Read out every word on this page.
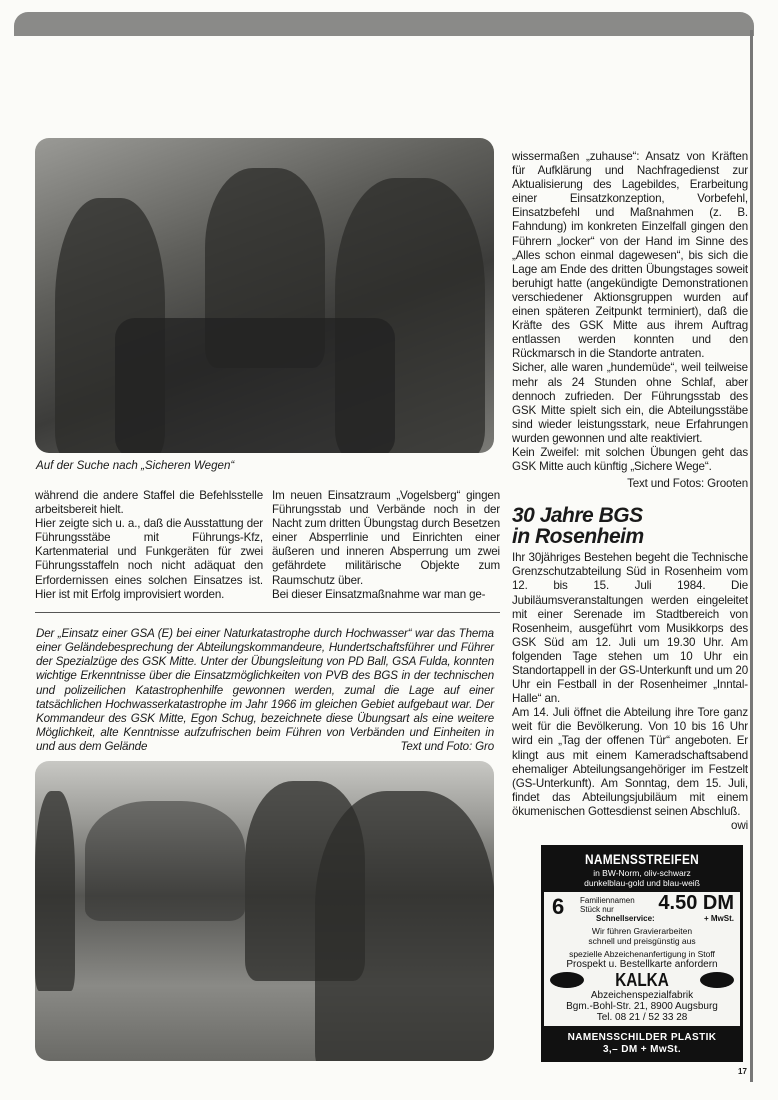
Auf der Suche nach „Sicheren Wegen“

während die andere Staffel die Befehlsstelle arbeitsbereit hielt.

Hier zeigte sich u. a., daß die Ausstattung der Führungsstäbe mit Führungs-Kfz, Kartenmaterial und Funkgeräten für zwei Führungsstaffeln noch nicht adäquat den Erfordernissen eines solchen Einsatzes ist. Hier ist mit Erfolg improvisiert worden.

Im neuen Einsatzraum „Vogelsberg“ gingen Führungsstab und Verbände noch in der Nacht zum dritten Übungstag durch Besetzen einer Absperrlinie und Einrichten einer äußeren und inneren Absperrung um zwei gefährdete militärische Objekte zum Raumschutz über.

Bei dieser Einsatzmaßnahme war man ge-

Der „Einsatz einer GSA (E) bei einer Naturkatastrophe durch Hochwasser“ war das Thema einer Geländebesprechung der Abteilungskommandeure, Hundertschaftsführer und Führer der Spezialzüge des GSK Mitte. Unter der Übungsleitung von PD Ball, GSA Fulda, konnten wichtige Erkenntnisse über die Einsatzmöglichkeiten von PVB des BGS in der technischen und polizeilichen Katastrophenhilfe gewonnen werden, zumal die Lage auf einer tatsächlichen Hochwasserkatastrophe im Jahr 1966 im gleichen Gebiet aufgebaut war. Der Kommandeur des GSK Mitte, Egon Schug, bezeichnete diese Übungsart als eine weitere Möglichkeit, alte Kenntnisse aufzufrischen beim Führen von Verbänden und Einheiten in und aus dem Gelände	Text und Foto: Gro

wissermaßen „zuhause“: Ansatz von Kräften für Aufklärung und Nachfragedienst zur Aktualisierung des Lagebildes, Erarbeitung einer Einsatzkonzeption, Vorbefehl, Einsatzbefehl und Maßnahmen (z. B. Fahndung) im konkreten Einzelfall gingen den Führern „locker“ von der Hand im Sinne des „Alles schon einmal dagewesen“, bis sich die Lage am Ende des dritten Übungstages soweit beruhigt hatte (angekündigte Demonstrationen verschiedener Aktionsgruppen wurden auf einen späteren Zeitpunkt terminiert), daß die Kräfte des GSK Mitte aus ihrem Auftrag entlassen werden konnten und den Rückmarsch in die Standorte antraten.

Sicher, alle waren „hundemüde“, weil teilweise mehr als 24 Stunden ohne Schlaf, aber dennoch zufrieden. Der Führungsstab des GSK Mitte spielt sich ein, die Abteilungsstäbe sind wieder leistungsstark, neue Erfahrungen wurden gewonnen und alte reaktiviert.

Kein Zweifel: mit solchen Übungen geht das GSK Mitte auch künftig „Sichere Wege“.

Text und Fotos: Grooten

30 Jahre BGS
in Rosenheim

Ihr 30jähriges Bestehen begeht die Technische Grenzschutzabteilung Süd in Rosenheim vom 12. bis 15. Juli 1984. Die Jubiläumsveranstaltungen werden eingeleitet mit einer Serenade im Stadtbereich von Rosenheim, ausgeführt vom Musikkorps des GSK Süd am 12. Juli um 19.30 Uhr. Am folgenden Tage stehen um 10 Uhr ein Standortappell in der GS-Unterkunft und um 20 Uhr ein Festball in der Rosenheimer „Inntal-Halle“ an.

Am 14. Juli öffnet die Abteilung ihre Tore ganz weit für die Bevölkerung. Von 10 bis 16 Uhr wird ein „Tag der offenen Tür“ angeboten. Er klingt aus mit einem Kameradschaftsabend ehemaliger Abteilungsangehöriger im Festzelt (GS-Unterkunft). Am Sonntag, dem 15. Juli, findet das Abteilungsjubiläum mit einem ökumenischen Gottesdienst seinen Abschluß.
owi

NAMENSSTREIFEN
in BW-Norm, oliv-schwarz
dunkelblau-gold und blau-weiß
6 Familiennamen
Stück nur	4.50 DM
Schnellservice:	+ MwSt.
Wir führen Gravierarbeiten
schnell und preisgünstig aus
spezielle Abzeichenanfertigung in Stoff
Prospekt u. Bestellkarte anfordern
KALKA
Abzeichenspezialfabrik
Bgm.-Bohl-Str. 21, 8900 Augsburg
Tel. 08 21 / 52 33 28
NAMENSSCHILDER PLASTIK
3,– DM + MwSt.
17
